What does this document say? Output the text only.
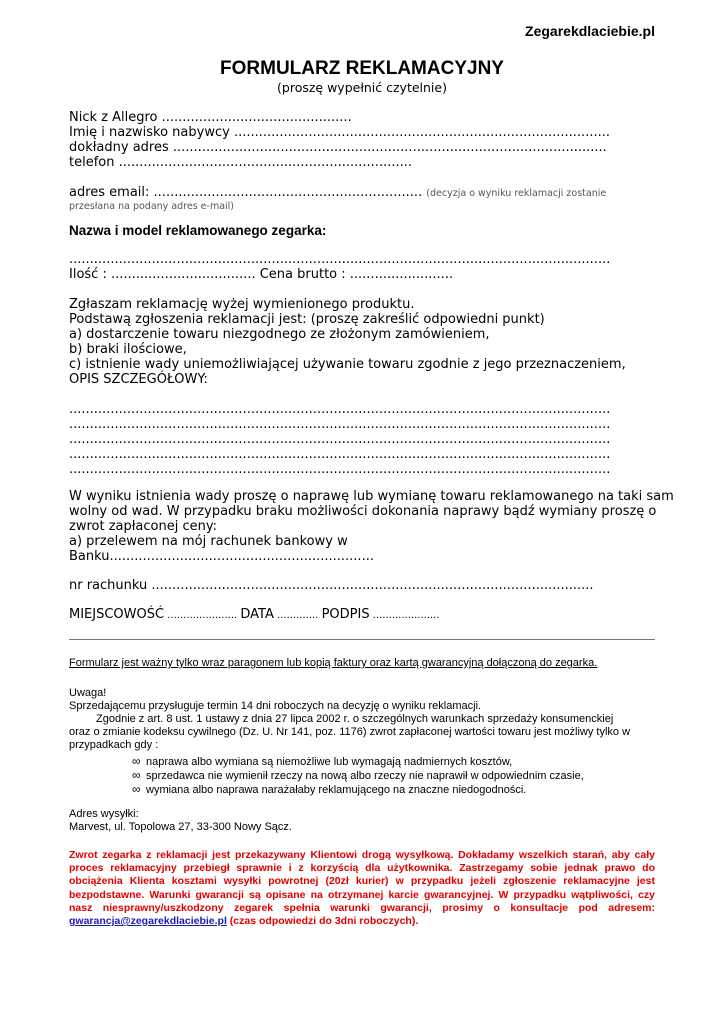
Zegarekdlaciebie.pl
FORMULARZ REKLAMACYJNY
(proszę wypełnić czytelnie)
Nick z Allegro ..............................................
Imię i nazwisko nabywcy ...........................................................................................
dokładny adres .........................................................................................................
telefon .......................................................................
adres email: ................................................................. (decyzja o wyniku reklamacji zostanie
przesłana na podany adres e-mail)
Nazwa i model reklamowanego zegarka:
...................................................................................................................................
Ilość : ................................... Cena brutto : .........................
Zgłaszam reklamację wyżej wymienionego produktu.
Podstawą zgłoszenia reklamacji jest: (proszę zakreślić odpowiedni punkt)
a) dostarczenie towaru niezgodnego ze złożonym zamówieniem,
b) braki ilościowe,
c) istnienie wady uniemożliwiającej używanie towaru zgodnie z jego przeznaczeniem,
OPIS SZCZEGÓŁOWY:
...................................................................................................................................
...................................................................................................................................
...................................................................................................................................
...................................................................................................................................
...................................................................................................................................
W wyniku istnienia wady proszę o naprawę lub wymianę towaru reklamowanego na taki sam
wolny od wad. W przypadku braku możliwości dokonania naprawy bądź wymiany proszę o
zwrot zapłaconej ceny:
a) przelewem na mój rachunek bankowy w
Banku................................................................
nr rachunku ...........................................................................................................
MIEJSCOWOŚĆ ...................... DATA ............. PODPIS .....................
Formularz jest ważny tylko wraz paragonem lub kopią faktury oraz kartą gwarancyjną dołączoną do zegarka.
Uwaga!
Sprzedającemu przysługuje termin 14 dni roboczych na decyzję o wyniku reklamacji.
Zgodnie z art. 8 ust. 1 ustawy z dnia 27 lipca 2002 r. o szczególnych warunkach sprzedaży konsumenckiej
oraz o zmianie kodeksu cywilnego (Dz. U. Nr 141, poz. 1176) zwrot zapłaconej wartości towaru jest możliwy tylko w
przypadkach gdy :
∞ naprawa albo wymiana są niemożliwe lub wymagają nadmiernych kosztów,
∞ sprzedawca nie wymienił rzeczy na nową albo rzeczy nie naprawił w odpowiednim czasie,
∞ wymiana albo naprawa narażałaby reklamującego na znaczne niedogodności.
Adres wysyłki:
Marvest, ul. Topolowa 27, 33-300 Nowy Sącz.
Zwrot zegarka z reklamacji jest przekazywany Klientowi drogą wysyłkową. Dokładamy wszelkich starań, aby cały proces reklamacyjny przebiegł sprawnie i z korzyścią dla użytkownika. Zastrzegamy sobie jednak prawo do obciążenia Klienta kosztami wysyłki powrotnej (20zł kurier) w przypadku jeżeli zgłoszenie reklamacyjne jest bezpodstawne. Warunki gwarancji są opisane na otrzymanej karcie gwarancyjnej. W przypadku wątpliwości, czy nasz niesprawny/uszkodzony zegarek spełnia warunki gwarancji, prosimy o konsultacje pod adresem: gwarancja@zegarekdlaciebie.pl (czas odpowiedzi do 3dni roboczych).
